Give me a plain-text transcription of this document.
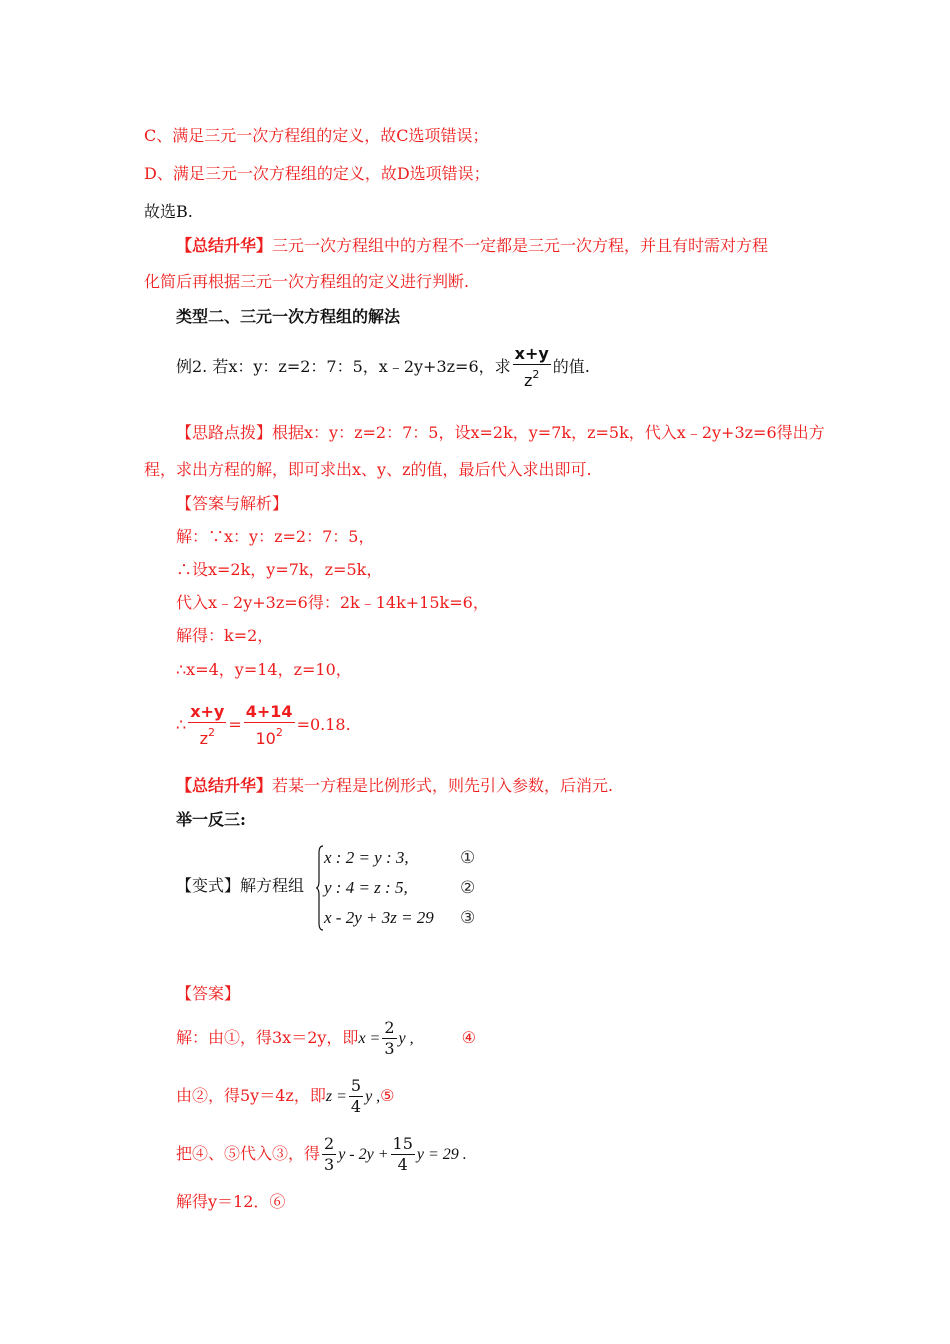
C、满足三元一次方程组的定义，故C选项错误；
D、满足三元一次方程组的定义，故D选项错误；
故选B.
【总结升华】三元一次方程组中的方程不一定都是三元一次方程，并且有时需对方程
化简后再根据三元一次方程组的定义进行判断.
类型二、三元一次方程组的解法
例2. 若x：y：z=2：7：5，x﹣2y+3z=6，求 $\frac{x+y}{z^2}$ 的值.
【思路点拨】根据x：y：z=2：7：5，设x=2k，y=7k，z=5k，代入x﹣2y+3z=6得出方
程，求出方程的解，即可求出x、y、z的值，最后代入求出即可.
【答案与解析】
解：∵x：y：z=2：7：5，
∴设x=2k，y=7k，z=5k，
代入x﹣2y+3z=6得：2k﹣14k+15k=6，
解得：k=2，
∴x=4，y=14，z=10，
∴ $\frac{x+y}{z^2} = \frac{4+14}{10^2} =0.18$.
【总结升华】若某一方程是比例形式，则先引入参数，后消元.
举一反三:
【变式】解方程组
x : 2 = y : 3,	①
y : 4 = z : 5,	②
x - 2y + 3z = 29 ③
【答案】
解：由①，得3x＝2y，即$x = \frac{2}{3}$ y ,	④
由②，得5y＝4z，即$z = \frac{5}{4}$ y ,⑤
把④、⑤代入③，得 $\frac{2}{3}$ $y - 2y + \frac{15}{4}$ y = 29 .
解得y＝12．⑥
